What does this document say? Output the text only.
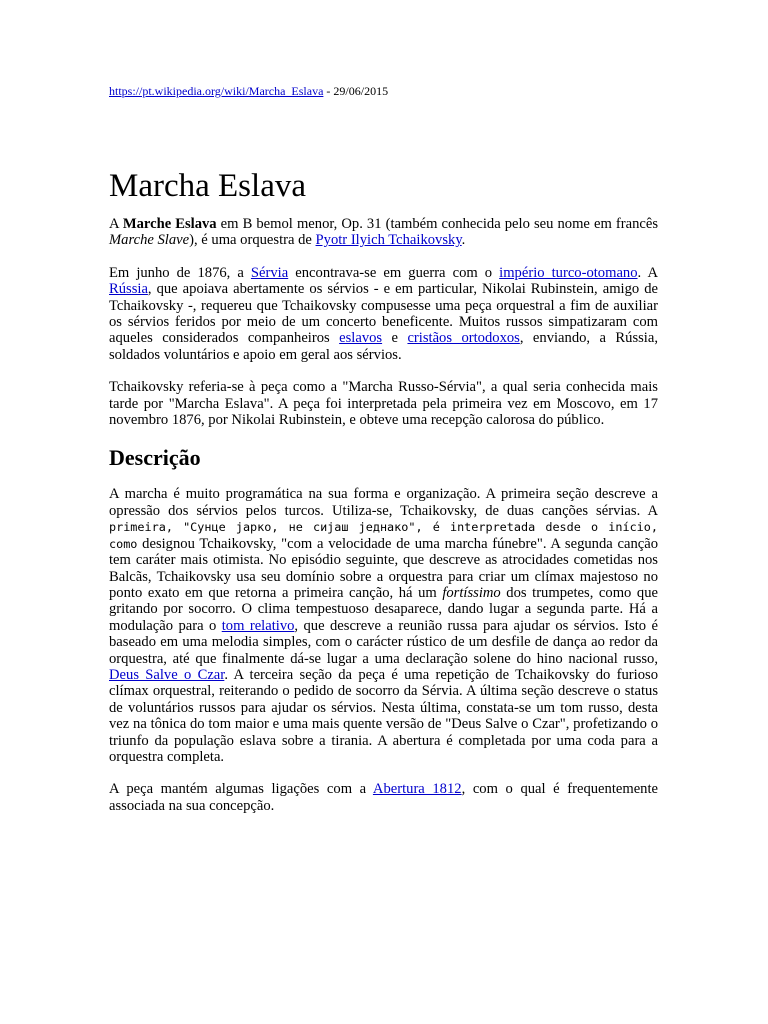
https://pt.wikipedia.org/wiki/Marcha_Eslava - 29/06/2015
Marcha Eslava

A Marche Eslava em B bemol menor, Op. 31 (também conhecida pelo seu nome em francês Marche Slave), é uma orquestra de Pyotr Ilyich Tchaikovsky.

Em junho de 1876, a Sérvia encontrava-se em guerra com o império turco-otomano. A Rússia, que apoiava abertamente os sérvios - e em particular, Nikolai Rubinstein, amigo de Tchaikovsky -, requereu que Tchaikovsky compusesse uma peça orquestral a fim de auxiliar os sérvios feridos por meio de um concerto beneficente. Muitos russos simpatizaram com aqueles considerados companheiros eslavos e cristãos ortodoxos, enviando, a Rússia, soldados voluntários e apoio em geral aos sérvios.

Tchaikovsky referia-se à peça como a "Marcha Russo-Sérvia", a qual seria conhecida mais tarde por "Marcha Eslava". A peça foi interpretada pela primeira vez em Moscovo, em 17 novembro 1876, por Nikolai Rubinstein, e obteve uma recepção calorosa do público.

Descrição

A marcha é muito programática na sua forma e organização. A primeira seção descreve a opressão dos sérvios pelos turcos. Utiliza-se, Tchaikovsky, de duas canções sérvias. A primeira, "Сунце јарко, не сијаш једнако", é interpretada desde o início, como designou Tchaikovsky, "com a velocidade de uma marcha fúnebre". A segunda canção tem caráter mais otimista. No episódio seguinte, que descreve as atrocidades cometidas nos Balcãs, Tchaikovsky usa seu domínio sobre a orquestra para criar um clímax majestoso no ponto exato em que retorna a primeira canção, há um fortíssimo dos trumpetes, como que gritando por socorro. O clima tempestuoso desaparece, dando lugar a segunda parte. Há a modulação para o tom relativo, que descreve a reunião russa para ajudar os sérvios. Isto é baseado em uma melodia simples, com o carácter rústico de um desfile de dança ao redor da orquestra, até que finalmente dá-se lugar a uma declaração solene do hino nacional russo, Deus Salve o Czar. A terceira seção da peça é uma repetição de Tchaikovsky do furioso clímax orquestral, reiterando o pedido de socorro da Sérvia. A última seção descreve o status de voluntários russos para ajudar os sérvios. Nesta última, constata-se um tom russo, desta vez na tônica do tom maior e uma mais quente versão de "Deus Salve o Czar", profetizando o triunfo da população eslava sobre a tirania. A abertura é completada por uma coda para a orquestra completa.

A peça mantém algumas ligações com a Abertura 1812, com o qual é frequentemente associada na sua concepção.
